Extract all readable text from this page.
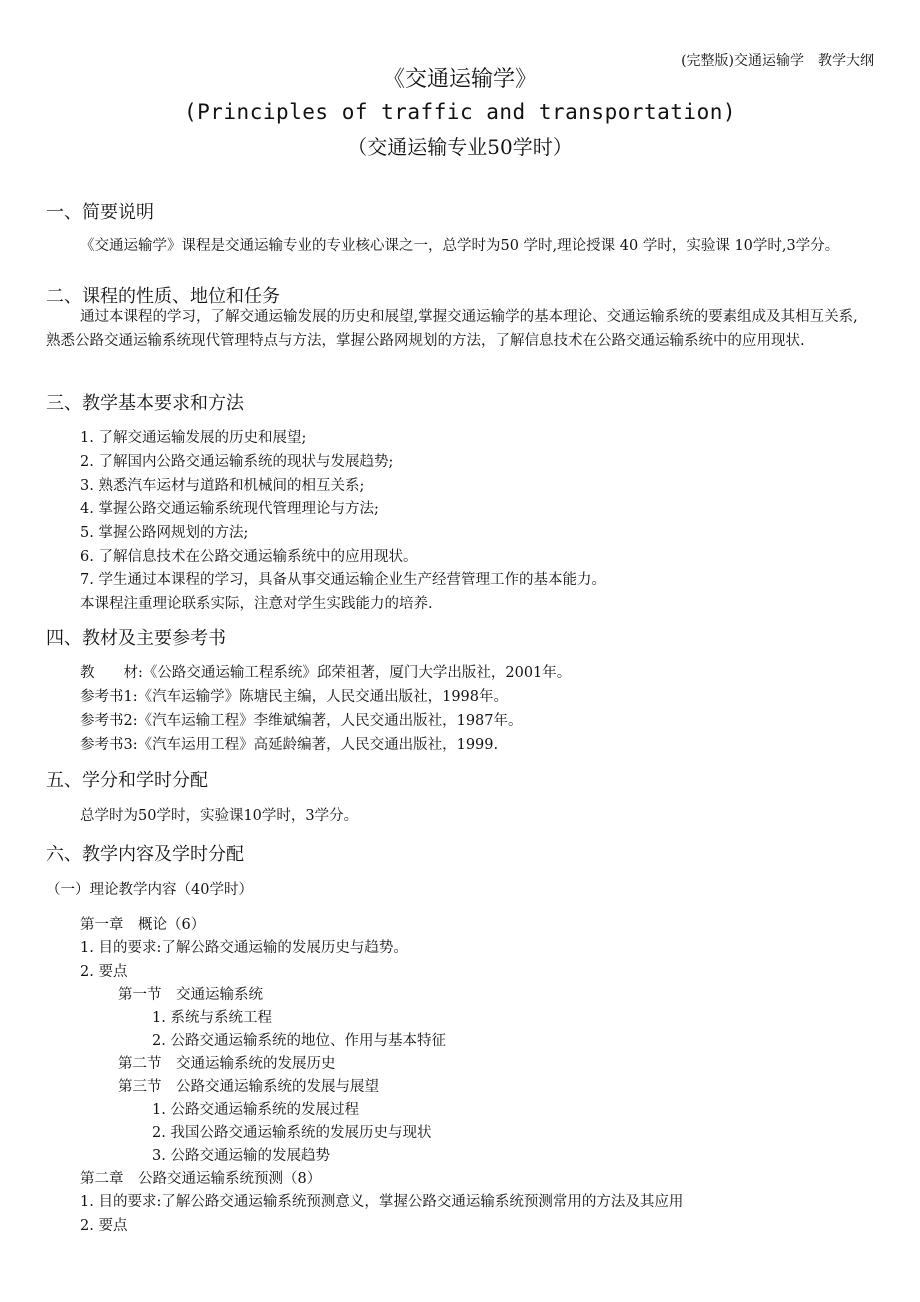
(完整版)交通运输学　教学大纲
《交通运输学》
(Principles of traffic and transportation)
（交通运输专业50学时）
一、简要说明
《交通运输学》课程是交通运输专业的专业核心课之一，总学时为50 学时,理论授课 40 学时，实验课 10学时,3学分。
二、课程的性质、地位和任务
通过本课程的学习，了解交通运输发展的历史和展望,掌握交通运输学的基本理论、交通运输系统的要素组成及其相互关系,熟悉公路交通运输系统现代管理特点与方法，掌握公路网规划的方法，了解信息技术在公路交通运输系统中的应用现状.
三、教学基本要求和方法
1. 了解交通运输发展的历史和展望;
2. 了解国内公路交通运输系统的现状与发展趋势;
3. 熟悉汽车运材与道路和机械间的相互关系;
4. 掌握公路交通运输系统现代管理理论与方法;
5. 掌握公路网规划的方法;
6. 了解信息技术在公路交通运输系统中的应用现状。
7. 学生通过本课程的学习，具备从事交通运输企业生产经营管理工作的基本能力。
本课程注重理论联系实际，注意对学生实践能力的培养.
四、教材及主要参考书
教　　材:《公路交通运输工程系统》邱荣祖著，厦门大学出版社，2001年。
参考书1:《汽车运输学》陈塘民主编，人民交通出版社，1998年。
参考书2:《汽车运输工程》李维斌编著，人民交通出版社，1987年。
参考书3:《汽车运用工程》高延龄编著，人民交通出版社，1999.
五、学分和学时分配
总学时为50学时，实验课10学时，3学分。
六、教学内容及学时分配
（一）理论教学内容（40学时）
第一章　概论（6）
1. 目的要求:了解公路交通运输的发展历史与趋势。
2. 要点
第一节　交通运输系统
1. 系统与系统工程
2. 公路交通运输系统的地位、作用与基本特征
第二节　交通运输系统的发展历史
第三节　公路交通运输系统的发展与展望
1. 公路交通运输系统的发展过程
2. 我国公路交通运输系统的发展历史与现状
3. 公路交通运输的发展趋势
第二章　公路交通运输系统预测（8）
1. 目的要求:了解公路交通运输系统预测意义，掌握公路交通运输系统预测常用的方法及其应用
2. 要点
